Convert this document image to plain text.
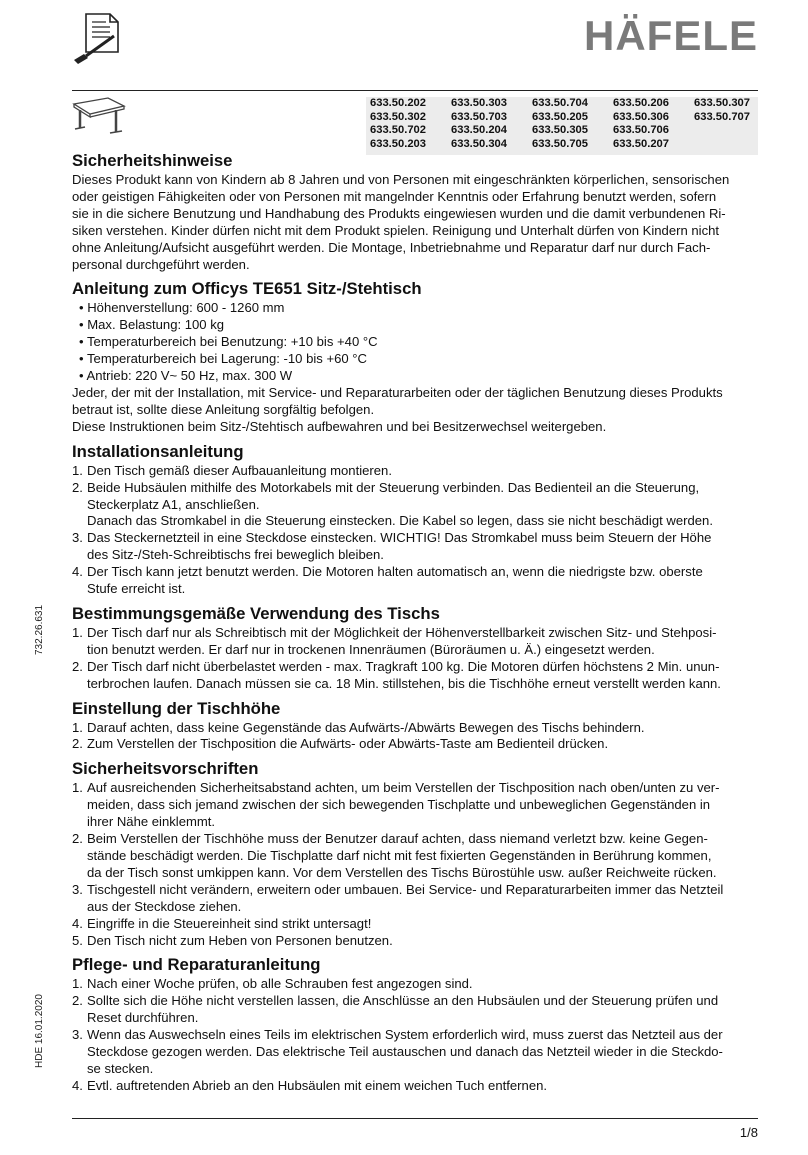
HÄFELE
633.50.202	633.50.303	633.50.704	633.50.206	633.50.307
633.50.302	633.50.703	633.50.205	633.50.306	633.50.707
633.50.702	633.50.204	633.50.305	633.50.706
633.50.203	633.50.304	633.50.705	633.50.207
Sicherheitshinweise

Dieses Produkt kann von Kindern ab 8 Jahren und von Personen mit eingeschränkten körperlichen, sensorischen
oder geistigen Fähigkeiten oder von Personen mit mangelnder Kenntnis oder Erfahrung benutzt werden, sofern
sie in die sichere Benutzung und Handhabung des Produkts eingewiesen wurden und die damit verbundenen Ri-
siken verstehen. Kinder dürfen nicht mit dem Produkt spielen. Reinigung und Unterhalt dürfen von Kindern nicht
ohne Anleitung/Aufsicht ausgeführt werden. Die Montage, Inbetriebnahme und Reparatur darf nur durch Fach-
personal durchgeführt werden.

Anleitung zum Officys TE651 Sitz-/Stehtisch
• Höhenverstellung: 600 - 1260 mm
• Max. Belastung: 100 kg
• Temperaturbereich bei Benutzung: +10 bis +40 °C
• Temperaturbereich bei Lagerung: -10 bis +60 °C
• Antrieb: 220 V~ 50 Hz, max. 300 W

Jeder, der mit der Installation, mit Service- und Reparaturarbeiten oder der täglichen Benutzung dieses Produkts
betraut ist, sollte diese Anleitung sorgfältig befolgen.
Diese Instruktionen beim Sitz-/Stehtisch aufbewahren und bei Besitzerwechsel weitergeben.

Installationsanleitung
1. Den Tisch gemäß dieser Aufbauanleitung montieren.
2. Beide Hubsäulen mithilfe des Motorkabels mit der Steuerung verbinden. Das Bedienteil an die Steuerung,
Steckerplatz A1, anschließen.
Danach das Stromkabel in die Steuerung einstecken. Die Kabel so legen, dass sie nicht beschädigt werden.
3. Das Steckernetzteil in eine Steckdose einstecken. WICHTIG! Das Stromkabel muss beim Steuern der Höhe
des Sitz-/Steh-Schreibtischs frei beweglich bleiben.
4. Der Tisch kann jetzt benutzt werden. Die Motoren halten automatisch an, wenn die niedrigste bzw. oberste
Stufe erreicht ist.
Bestimmungsgemäße Verwendung des Tischs
1. Der Tisch darf nur als Schreibtisch mit der Möglichkeit der Höhenverstellbarkeit zwischen Sitz- und Stehposi-
tion benutzt werden. Er darf nur in trockenen Innenräumen (Büroräumen u. Ä.) eingesetzt werden.
2. Der Tisch darf nicht überbelastet werden - max. Tragkraft 100 kg. Die Motoren dürfen höchstens 2 Min. unun-
terbrochen laufen. Danach müssen sie ca. 18 Min. stillstehen, bis die Tischhöhe erneut verstellt werden kann.
Einstellung der Tischhöhe
1. Darauf achten, dass keine Gegenstände das Aufwärts-/Abwärts Bewegen des Tischs behindern.
2. Zum Verstellen der Tischposition die Aufwärts- oder Abwärts-Taste am Bedienteil drücken.
Sicherheitsvorschriften
1. Auf ausreichenden Sicherheitsabstand achten, um beim Verstellen der Tischposition nach oben/unten zu ver-
meiden, dass sich jemand zwischen der sich bewegenden Tischplatte und unbeweglichen Gegenständen in
ihrer Nähe einklemmt.
2. Beim Verstellen der Tischhöhe muss der Benutzer darauf achten, dass niemand verletzt bzw. keine Gegen-
stände beschädigt werden. Die Tischplatte darf nicht mit fest fixierten Gegenständen in Berührung kommen,
da der Tisch sonst umkippen kann. Vor dem Verstellen des Tischs Bürostühle usw. außer Reichweite rücken.
3. Tischgestell nicht verändern, erweitern oder umbauen. Bei Service- und Reparaturarbeiten immer das Netzteil
aus der Steckdose ziehen.
4. Eingriffe in die Steuereinheit sind strikt untersagt!
5. Den Tisch nicht zum Heben von Personen benutzen.
Pflege- und Reparaturanleitung
1. Nach einer Woche prüfen, ob alle Schrauben fest angezogen sind.
2. Sollte sich die Höhe nicht verstellen lassen, die Anschlüsse an den Hubsäulen und der Steuerung prüfen und
Reset durchführen.
3. Wenn das Auswechseln eines Teils im elektrischen System erforderlich wird, muss zuerst das Netzteil aus der
Steckdose gezogen werden. Das elektrische Teil austauschen und danach das Netzteil wieder in die Steckdo-
se stecken.
4. Evtl. auftretenden Abrieb an den Hubsäulen mit einem weichen Tuch entfernen.
732.26.631
HDE 16.01.2020
1/8
